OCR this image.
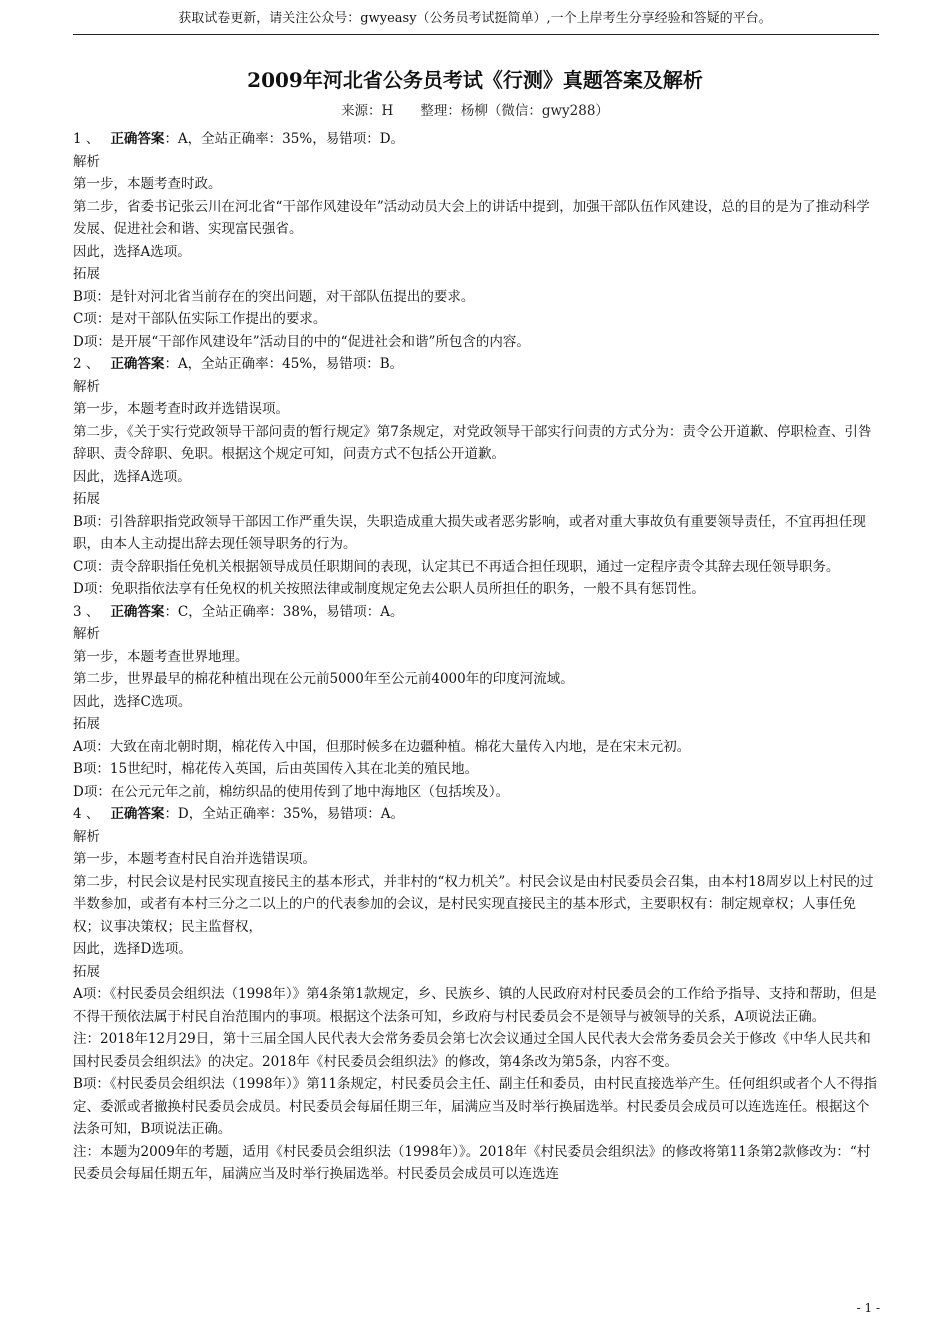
获取试卷更新，请关注公众号：gwyeasy（公务员考试挺简单）,一个上岸考生分享经验和答疑的平台。
2009年河北省公务员考试《行测》真题答案及解析
来源：H　　整理：杨柳（微信：gwy288）

1 、　 正确答案：A，全站正确率：35%，易错项：D。

解析

第一步，本题考查时政。

第二步，省委书记张云川在河北省“干部作风建设年”活动动员大会上的讲话中提到，加强干部队伍作风建设，总的目的是为了推动科学发展、促进社会和谐、实现富民强省。

因此，选择A选项。

拓展

B项：是针对河北省当前存在的突出问题，对干部队伍提出的要求。

C项：是对干部队伍实际工作提出的要求。

D项：是开展“干部作风建设年”活动目的中的“促进社会和谐”所包含的内容。

2 、　 正确答案：A，全站正确率：45%，易错项：B。

解析

第一步，本题考查时政并选错误项。

第二步，《关于实行党政领导干部问责的暂行规定》第7条规定，对党政领导干部实行问责的方式分为：责令公开道歉、停职检查、引咎辞职、责令辞职、免职。根据这个规定可知，问责方式不包括公开道歉。

因此，选择A选项。

拓展

B项：引咎辞职指党政领导干部因工作严重失误，失职造成重大损失或者恶劣影响，或者对重大事故负有重要领导责任，不宜再担任现职，由本人主动提出辞去现任领导职务的行为。

C项：责令辞职指任免机关根据领导成员任职期间的表现，认定其已不再适合担任现职，通过一定程序责令其辞去现任领导职务。

D项：免职指依法享有任免权的机关按照法律或制度规定免去公职人员所担任的职务，一般不具有惩罚性。

3 、　 正确答案：C，全站正确率：38%，易错项：A。

解析

第一步，本题考查世界地理。

第二步，世界最早的棉花种植出现在公元前5000年至公元前4000年的印度河流域。

因此，选择C选项。

拓展

A项：大致在南北朝时期，棉花传入中国，但那时候多在边疆种植。棉花大量传入内地，是在宋末元初。

B项：15世纪时，棉花传入英国，后由英国传入其在北美的殖民地。

D项：在公元元年之前，棉纺织品的使用传到了地中海地区（包括埃及）。

4 、　 正确答案：D，全站正确率：35%，易错项：A。

解析

第一步，本题考查村民自治并选错误项。

第二步，村民会议是村民实现直接民主的基本形式，并非村的“权力机关”。村民会议是由村民委员会召集，由本村18周岁以上村民的过半数参加，或者有本村三分之二以上的户的代表参加的会议，是村民实现直接民主的基本形式，主要职权有：制定规章权；人事任免权；议事决策权；民主监督权，

因此，选择D选项。

拓展

A项：《村民委员会组织法（1998年）》第4条第1款规定，乡、民族乡、镇的人民政府对村民委员会的工作给予指导、支持和帮助，但是不得干预依法属于村民自治范围内的事项。根据这个法条可知，乡政府与村民委员会不是领导与被领导的关系，A项说法正确。

注：2018年12月29日，第十三届全国人民代表大会常务委员会第七次会议通过全国人民代表大会常务委员会关于修改《中华人民共和国村民委员会组织法》的决定。2018年《村民委员会组织法》的修改，第4条改为第5条，内容不变。

B项：《村民委员会组织法（1998年）》第11条规定，村民委员会主任、副主任和委员，由村民直接选举产生。任何组织或者个人不得指定、委派或者撤换村民委员会成员。村民委员会每届任期三年，届满应当及时举行换届选举。村民委员会成员可以连选连任。根据这个法条可知，B项说法正确。

注：本题为2009年的考题，适用《村民委员会组织法（1998年）》。2018年《村民委员会组织法》的修改将第11条第2款修改为：“村民委员会每届任期五年，届满应当及时举行换届选举。村民委员会成员可以连选连

- 1 -
